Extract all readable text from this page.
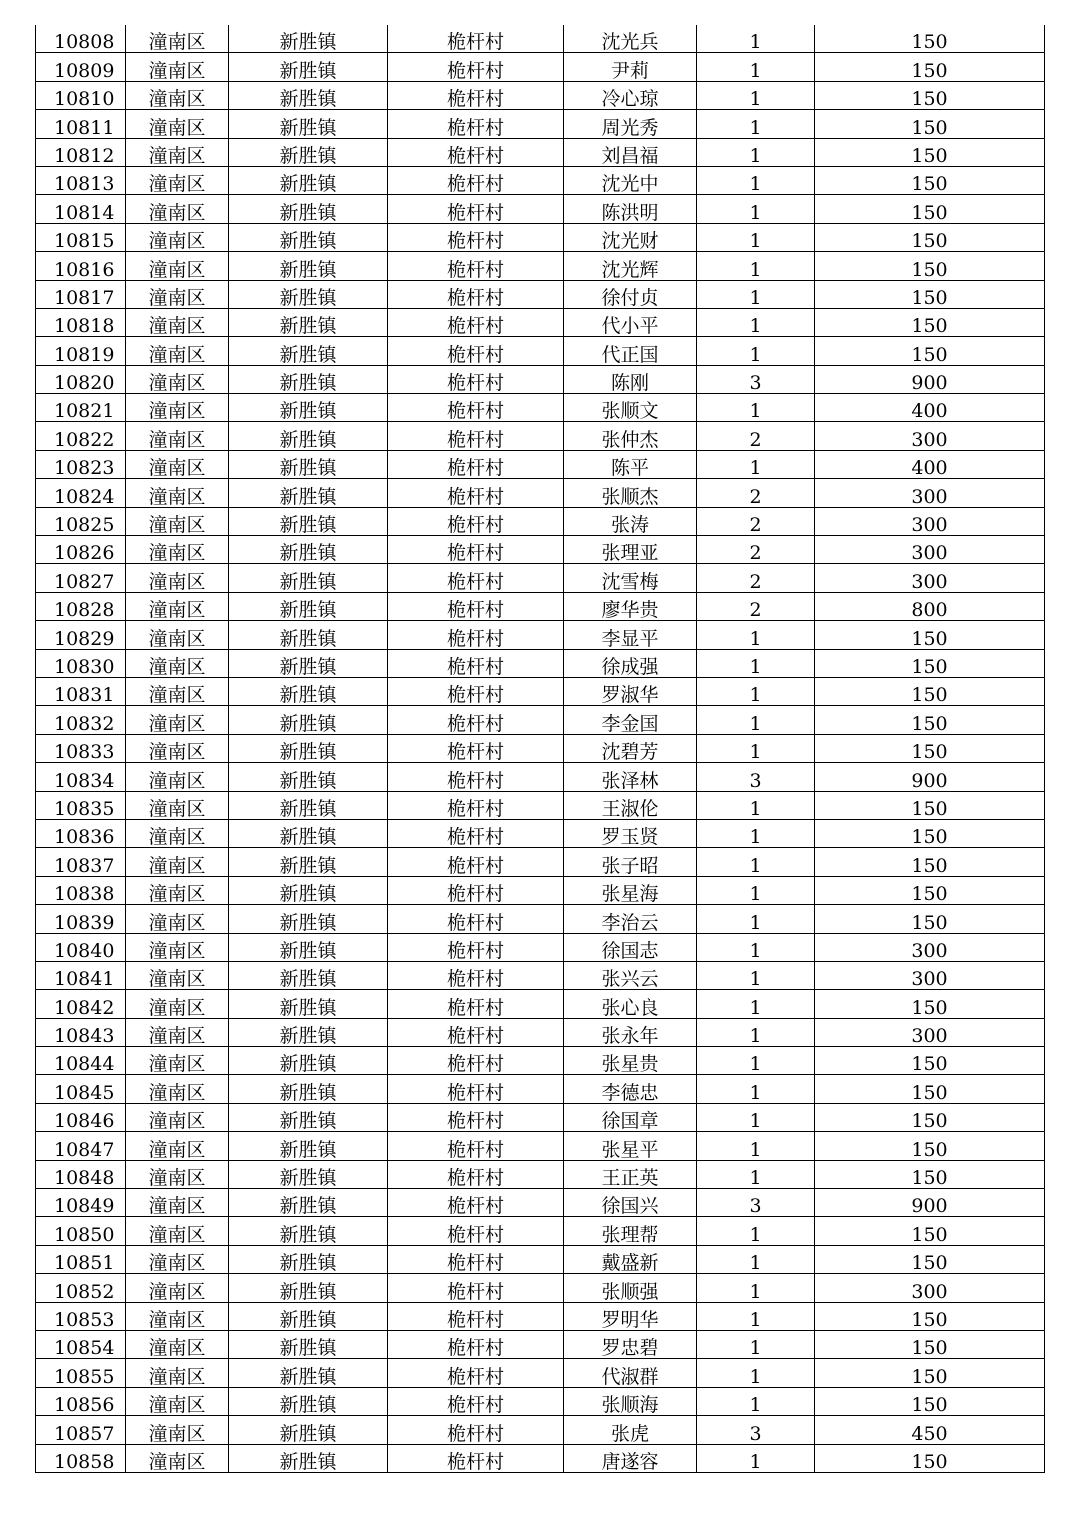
10808	潼南区	新胜镇	桅杆村	沈光兵	1	150
10809	潼南区	新胜镇	桅杆村	尹莉	1	150
10810	潼南区	新胜镇	桅杆村	冷心琼	1	150
10811	潼南区	新胜镇	桅杆村	周光秀	1	150
10812	潼南区	新胜镇	桅杆村	刘昌福	1	150
10813	潼南区	新胜镇	桅杆村	沈光中	1	150
10814	潼南区	新胜镇	桅杆村	陈洪明	1	150
10815	潼南区	新胜镇	桅杆村	沈光财	1	150
10816	潼南区	新胜镇	桅杆村	沈光辉	1	150
10817	潼南区	新胜镇	桅杆村	徐付贞	1	150
10818	潼南区	新胜镇	桅杆村	代小平	1	150
10819	潼南区	新胜镇	桅杆村	代正国	1	150
10820	潼南区	新胜镇	桅杆村	陈刚	3	900
10821	潼南区	新胜镇	桅杆村	张顺文	1	400
10822	潼南区	新胜镇	桅杆村	张仲杰	2	300
10823	潼南区	新胜镇	桅杆村	陈平	1	400
10824	潼南区	新胜镇	桅杆村	张顺杰	2	300
10825	潼南区	新胜镇	桅杆村	张涛	2	300
10826	潼南区	新胜镇	桅杆村	张理亚	2	300
10827	潼南区	新胜镇	桅杆村	沈雪梅	2	300
10828	潼南区	新胜镇	桅杆村	廖华贵	2	800
10829	潼南区	新胜镇	桅杆村	李显平	1	150
10830	潼南区	新胜镇	桅杆村	徐成强	1	150
10831	潼南区	新胜镇	桅杆村	罗淑华	1	150
10832	潼南区	新胜镇	桅杆村	李金国	1	150
10833	潼南区	新胜镇	桅杆村	沈碧芳	1	150
10834	潼南区	新胜镇	桅杆村	张泽林	3	900
10835	潼南区	新胜镇	桅杆村	王淑伦	1	150
10836	潼南区	新胜镇	桅杆村	罗玉贤	1	150
10837	潼南区	新胜镇	桅杆村	张子昭	1	150
10838	潼南区	新胜镇	桅杆村	张星海	1	150
10839	潼南区	新胜镇	桅杆村	李治云	1	150
10840	潼南区	新胜镇	桅杆村	徐国志	1	300
10841	潼南区	新胜镇	桅杆村	张兴云	1	300
10842	潼南区	新胜镇	桅杆村	张心良	1	150
10843	潼南区	新胜镇	桅杆村	张永年	1	300
10844	潼南区	新胜镇	桅杆村	张星贵	1	150
10845	潼南区	新胜镇	桅杆村	李德忠	1	150
10846	潼南区	新胜镇	桅杆村	徐国章	1	150
10847	潼南区	新胜镇	桅杆村	张星平	1	150
10848	潼南区	新胜镇	桅杆村	王正英	1	150
10849	潼南区	新胜镇	桅杆村	徐国兴	3	900
10850	潼南区	新胜镇	桅杆村	张理帮	1	150
10851	潼南区	新胜镇	桅杆村	戴盛新	1	150
10852	潼南区	新胜镇	桅杆村	张顺强	1	300
10853	潼南区	新胜镇	桅杆村	罗明华	1	150
10854	潼南区	新胜镇	桅杆村	罗忠碧	1	150
10855	潼南区	新胜镇	桅杆村	代淑群	1	150
10856	潼南区	新胜镇	桅杆村	张顺海	1	150
10857	潼南区	新胜镇	桅杆村	张虎	3	450
10858	潼南区	新胜镇	桅杆村	唐遂容	1	150
